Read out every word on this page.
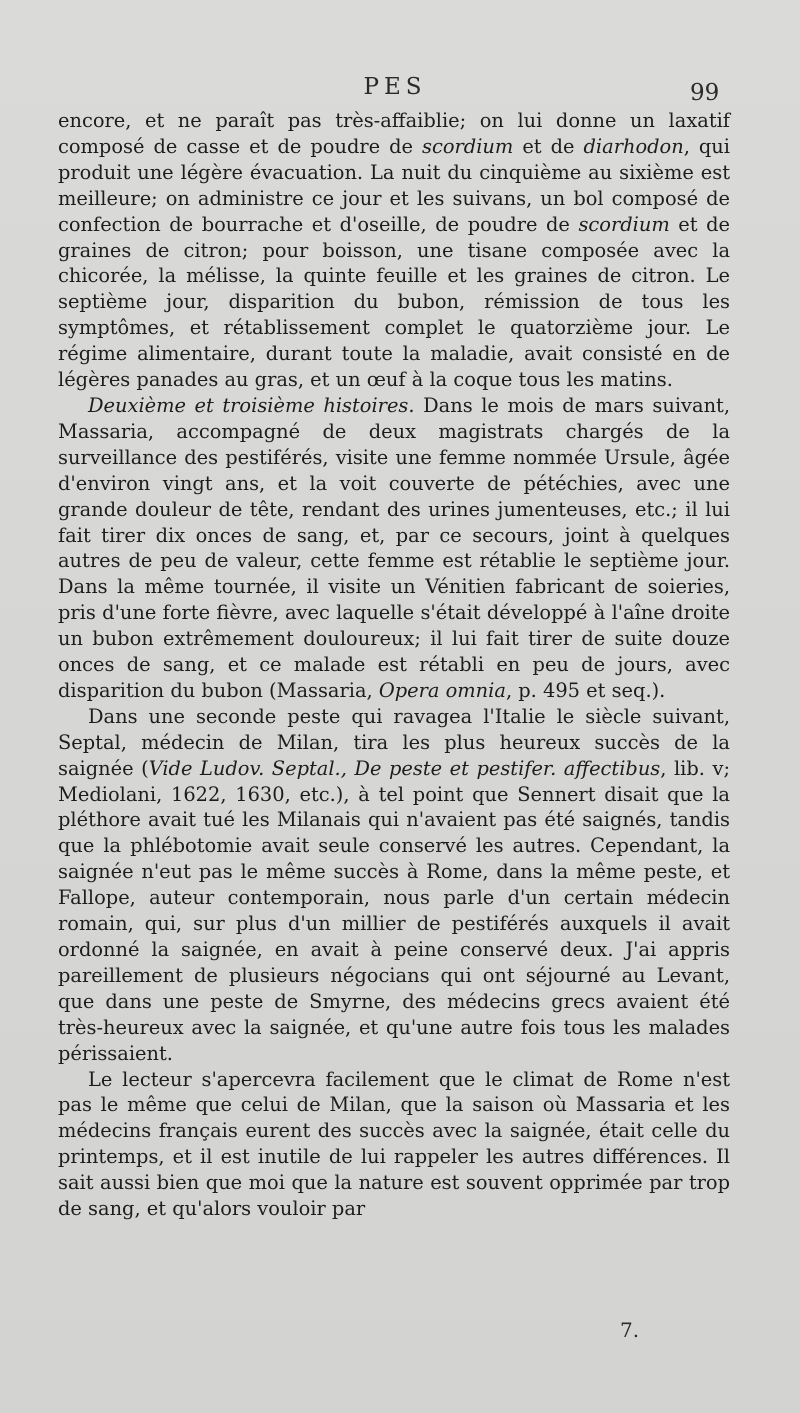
PES	99

encore, et ne paraît pas très-affaiblie; on lui donne un laxatif composé de casse et de poudre de scordium et de diarhodon, qui produit une légère évacuation. La nuit du cinquième au sixième est meilleure; on administre ce jour et les suivans, un bol composé de confection de bourrache et d'oseille, de poudre de scordium et de graines de citron; pour boisson, une tisane composée avec la chicorée, la mélisse, la quinte feuille et les graines de citron. Le septième jour, disparition du bubon, rémission de tous les symptômes, et rétablissement complet le quatorzième jour. Le régime alimentaire, durant toute la maladie, avait consisté en de légères panades au gras, et un œuf à la coque tous les matins.

Deuxième et troisième histoires. Dans le mois de mars suivant, Massaria, accompagné de deux magistrats chargés de la surveillance des pestiférés, visite une femme nommée Ursule, âgée d'environ vingt ans, et la voit couverte de pétéchies, avec une grande douleur de tête, rendant des urines jumenteuses, etc.; il lui fait tirer dix onces de sang, et, par ce secours, joint à quelques autres de peu de valeur, cette femme est rétablie le septième jour. Dans la même tournée, il visite un Vénitien fabricant de soieries, pris d'une forte fièvre, avec laquelle s'était développé à l'aîne droite un bubon extrêmement douloureux; il lui fait tirer de suite douze onces de sang, et ce malade est rétabli en peu de jours, avec disparition du bubon (Massaria, Opera omnia, p. 495 et seq.).

Dans une seconde peste qui ravagea l'Italie le siècle suivant, Septal, médecin de Milan, tira les plus heureux succès de la saignée (Vide Ludov. Septal., De peste et pestifer. affectibus, lib. v; Mediolani, 1622, 1630, etc.), à tel point que Sennert disait que la pléthore avait tué les Milanais qui n'avaient pas été saignés, tandis que la phlébotomie avait seule conservé les autres. Cependant, la saignée n'eut pas le même succès à Rome, dans la même peste, et Fallope, auteur contemporain, nous parle d'un certain médecin romain, qui, sur plus d'un millier de pestiférés auxquels il avait ordonné la saignée, en avait à peine conservé deux. J'ai appris pareillement de plusieurs négocians qui ont séjourné au Levant, que dans une peste de Smyrne, des médecins grecs avaient été très-heureux avec la saignée, et qu'une autre fois tous les malades périssaient.

Le lecteur s'apercevra facilement que le climat de Rome n'est pas le même que celui de Milan, que la saison où Massaria et les médecins français eurent des succès avec la saignée, était celle du printemps, et il est inutile de lui rappeler les autres différences. Il sait aussi bien que moi que la nature est souvent opprimée par trop de sang, et qu'alors vouloir par

7.
